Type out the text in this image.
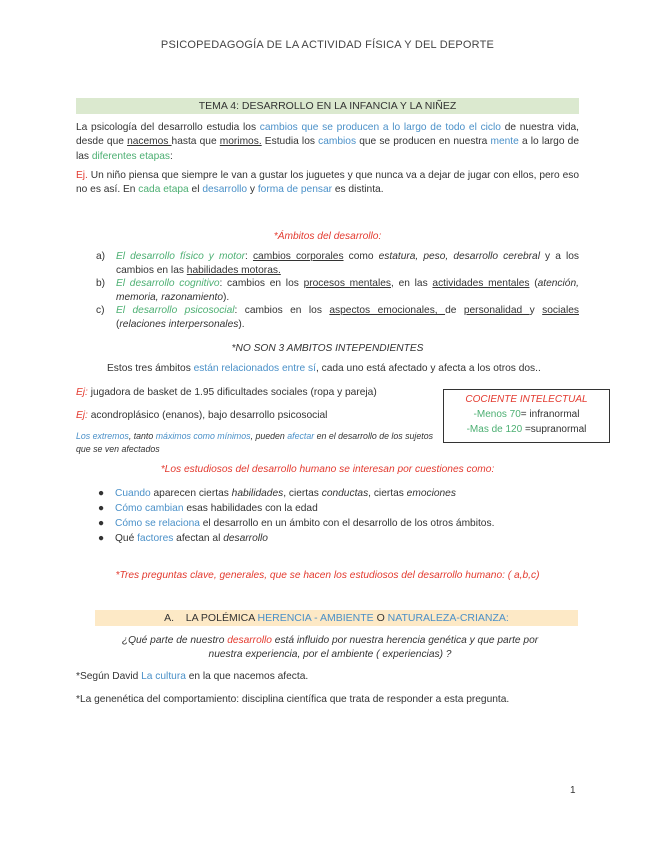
PSICOPEDAGOGÍA DE LA ACTIVIDAD FÍSICA Y DEL DEPORTE
TEMA 4: DESARROLLO EN LA INFANCIA Y LA NIÑEZ
La psicología del desarrollo estudia los cambios que se producen a lo largo de todo el ciclo de nuestra vida, desde que nacemos hasta que morimos. Estudia los cambios que se producen en nuestra mente a lo largo de las diferentes etapas:
Ej. Un niño piensa que siempre le van a gustar los juguetes y que nunca va a dejar de jugar con ellos, pero eso no es así. En cada etapa el desarrollo y forma de pensar es distinta.
*Ámbitos del desarrollo:
a)	El desarrollo físico y motor: cambios corporales como estatura, peso, desarrollo cerebral y a los cambios en las habilidades motoras.
b)	El desarrollo cognitivo: cambios en los procesos mentales, en las actividades mentales (atención, memoria, razonamiento).
c)	El desarrollo psicosocial: cambios en los aspectos emocionales, de personalidad y sociales (relaciones interpersonales).
*NO SON 3 AMBITOS INTEPENDIENTES
Estos tres ámbitos están relacionados entre sí, cada uno está afectado y afecta a los otros dos..
Ej: jugadora de basket de 1.95 dificultades sociales (ropa y pareja)
Ej: acondroplásico (enanos), bajo desarrollo psicosocial
Los extremos, tanto máximos como mínimos, pueden afectar en el desarrollo de los sujetos que se ven afectados
COCIENTE INTELECTUAL
-Menos 70= infranormal
-Mas de 120 =supranormal
*Los estudiosos del desarrollo humano se interesan por cuestiones como:
● Cuando aparecen ciertas habilidades, ciertas conductas, ciertas emociones
● Cómo cambian esas habilidades con la edad
● Cómo se relaciona el desarrollo en un ámbito con el desarrollo de los otros ámbitos.
● Qué factores afectan al desarrollo
*Tres preguntas clave, generales, que se hacen los estudiosos del desarrollo humano: ( a,b,c)
A. LA POLÉMICA HERENCIA - AMBIENTE O NATURALEZA-CRIANZA:
¿Qué parte de nuestro desarrollo está influido por nuestra herencia genética y que parte por nuestra experiencia, por el ambiente ( experiencias) ?
*Según David La cultura en la que nacemos afecta.
*La genenética del comportamiento: disciplina científica que trata de responder a esta pregunta.
1
